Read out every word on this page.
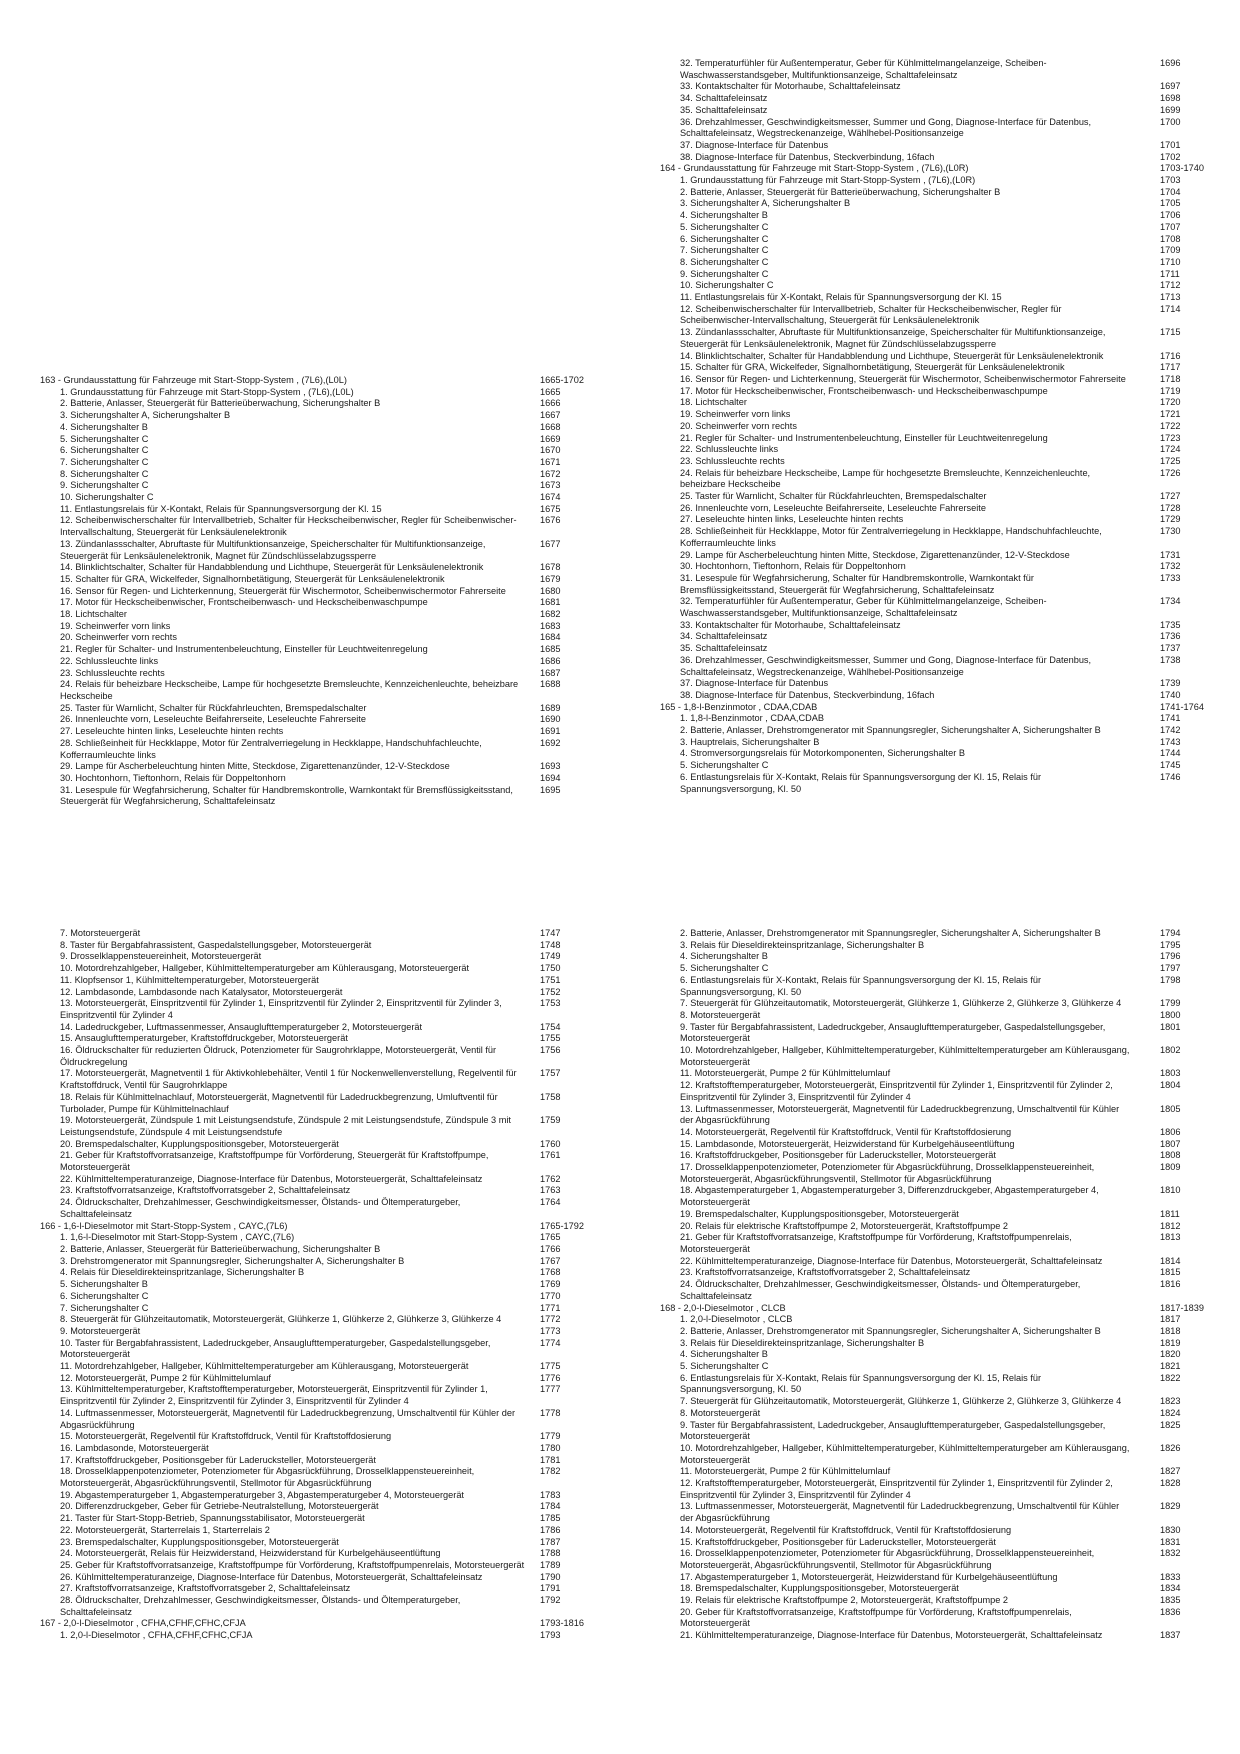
163 - Grundausstattung für Fahrzeuge mit Start-Stopp-System , (7L6),(L0L)	1665-1702
1. Grundausstattung für Fahrzeuge mit Start-Stopp-System , (7L6),(L0L)	1665
2. Batterie, Anlasser, Steuergerät für Batterieüberwachung, Sicherungshalter B	1666
3. Sicherungshalter A, Sicherungshalter B	1667
4. Sicherungshalter B	1668
5. Sicherungshalter C	1669
6. Sicherungshalter C	1670
7. Sicherungshalter C	1671
8. Sicherungshalter C	1672
9. Sicherungshalter C	1673
10. Sicherungshalter C	1674
11. Entlastungsrelais für X-Kontakt, Relais für Spannungsversorgung der Kl. 15	1675
12. Scheibenwischerschalter für Intervallbetrieb, Schalter für Heckscheibenwischer, Regler für Scheibenwischer-Intervallschaltung, Steuergerät für Lenksäulenelektronik
1676
13. Zündanlassschalter, Abruftaste für Multifunktionsanzeige, Speicherschalter für Multifunktionsanzeige, Steuergerät für Lenksäulenelektronik, Magnet für Zündschlüsselabzugssperre
1677
14. Blinklichtschalter, Schalter für Handabblendung und Lichthupe, Steuergerät für Lenksäulenelektronik	1678
15. Schalter für GRA, Wickelfeder, Signalhornbetätigung, Steuergerät für Lenksäulenelektronik	1679
16. Sensor für Regen- und Lichterkennung, Steuergerät für Wischermotor, Scheibenwischermotor Fahrerseite	1680
17. Motor für Heckscheibenwischer, Frontscheibenwasch- und Heckscheibenwaschpumpe	1681
18. Lichtschalter	1682
19. Scheinwerfer vorn links	1683
20. Scheinwerfer vorn rechts	1684
21. Regler für Schalter- und Instrumentenbeleuchtung, Einsteller für Leuchtweitenregelung	1685
22. Schlussleuchte links	1686
23. Schlussleuchte rechts	1687
24. Relais für beheizbare Heckscheibe, Lampe für hochgesetzte Bremsleuchte, Kennzeichenleuchte, beheizbare Heckscheibe
1688
25. Taster für Warnlicht, Schalter für Rückfahrleuchten, Bremspedalschalter	1689
26. Innenleuchte vorn, Leseleuchte Beifahrerseite, Leseleuchte Fahrerseite	1690
27. Leseleuchte hinten links, Leseleuchte hinten rechts	1691
28. Schließeinheit für Heckklappe, Motor für Zentralverriegelung in Heckklappe, Handschuhfachleuchte, Kofferraumleuchte links
1692
29. Lampe für Ascherbeleuchtung hinten Mitte, Steckdose, Zigarettenanzünder, 12-V-Steckdose	1693
30. Hochtonhorn, Tieftonhorn, Relais für Doppeltonhorn	1694
31. Lesespule für Wegfahrsicherung, Schalter für Handbremskontrolle, Warnkontakt für Bremsflüssigkeitsstand, Steuergerät für Wegfahrsicherung, Schalttafeleinsatz
1695
32. Temperaturfühler für Außentemperatur, Geber für Kühlmittelmangelanzeige, Scheiben-Waschwasserstandsgeber, Multifunktionsanzeige, Schalttafeleinsatz
1696
33. Kontaktschalter für Motorhaube, Schalttafeleinsatz	1697
34. Schalttafeleinsatz	1698
35. Schalttafeleinsatz	1699
36. Drehzahlmesser, Geschwindigkeitsmesser, Summer und Gong, Diagnose-Interface für Datenbus, Schalttafeleinsatz, Wegstreckenanzeige, Wählhebel-Positionsanzeige
1700
37. Diagnose-Interface für Datenbus	1701
38. Diagnose-Interface für Datenbus, Steckverbindung, 16fach	1702
164 - Grundausstattung für Fahrzeuge mit Start-Stopp-System , (7L6),(L0R)	1703-1740
1. Grundausstattung für Fahrzeuge mit Start-Stopp-System , (7L6),(L0R)	1703
2. Batterie, Anlasser, Steuergerät für Batterieüberwachung, Sicherungshalter B	1704
3. Sicherungshalter A, Sicherungshalter B	1705
4. Sicherungshalter B	1706
5. Sicherungshalter C	1707
6. Sicherungshalter C	1708
7. Sicherungshalter C	1709
8. Sicherungshalter C	1710
9. Sicherungshalter C	1711
10. Sicherungshalter C	1712
11. Entlastungsrelais für X-Kontakt, Relais für Spannungsversorgung der Kl. 15	1713
12. Scheibenwischerschalter für Intervallbetrieb, Schalter für Heckscheibenwischer, Regler für Scheibenwischer-Intervallschaltung, Steuergerät für Lenksäulenelektronik
1714
13. Zündanlassschalter, Abruftaste für Multifunktionsanzeige, Speicherschalter für Multifunktionsanzeige, Steuergerät für Lenksäulenelektronik, Magnet für Zündschlüsselabzugssperre
1715
14. Blinklichtschalter, Schalter für Handabblendung und Lichthupe, Steuergerät für Lenksäulenelektronik	1716
15. Schalter für GRA, Wickelfeder, Signalhornbetätigung, Steuergerät für Lenksäulenelektronik	1717
16. Sensor für Regen- und Lichterkennung, Steuergerät für Wischermotor, Scheibenwischermotor Fahrerseite	1718
17. Motor für Heckscheibenwischer, Frontscheibenwasch- und Heckscheibenwaschpumpe	1719
18. Lichtschalter	1720
19. Scheinwerfer vorn links	1721
20. Scheinwerfer vorn rechts	1722
21. Regler für Schalter- und Instrumentenbeleuchtung, Einsteller für Leuchtweitenregelung	1723
22. Schlussleuchte links	1724
23. Schlussleuchte rechts	1725
24. Relais für beheizbare Heckscheibe, Lampe für hochgesetzte Bremsleuchte, Kennzeichenleuchte, beheizbare Heckscheibe
1726
25. Taster für Warnlicht, Schalter für Rückfahrleuchten, Bremspedalschalter	1727
26. Innenleuchte vorn, Leseleuchte Beifahrerseite, Leseleuchte Fahrerseite	1728
27. Leseleuchte hinten links, Leseleuchte hinten rechts	1729
28. Schließeinheit für Heckklappe, Motor für Zentralverriegelung in Heckklappe, Handschuhfachleuchte, Kofferraumleuchte links
1730
29. Lampe für Ascherbeleuchtung hinten Mitte, Steckdose, Zigarettenanzünder, 12-V-Steckdose	1731
30. Hochtonhorn, Tieftonhorn, Relais für Doppeltonhorn	1732
31. Lesespule für Wegfahrsicherung, Schalter für Handbremskontrolle, Warnkontakt für Bremsflüssigkeitsstand, Steuergerät für Wegfahrsicherung, Schalttafeleinsatz
1733
32. Temperaturfühler für Außentemperatur, Geber für Kühlmittelmangelanzeige, Scheiben-Waschwasserstandsgeber, Multifunktionsanzeige, Schalttafeleinsatz
1734
33. Kontaktschalter für Motorhaube, Schalttafeleinsatz	1735
34. Schalttafeleinsatz	1736
35. Schalttafeleinsatz	1737
36. Drehzahlmesser, Geschwindigkeitsmesser, Summer und Gong, Diagnose-Interface für Datenbus, Schalttafeleinsatz, Wegstreckenanzeige, Wählhebel-Positionsanzeige
1738
37. Diagnose-Interface für Datenbus	1739
38. Diagnose-Interface für Datenbus, Steckverbindung, 16fach	1740
165 - 1,8-l-Benzinmotor , CDAA,CDAB	1741-1764
1. 1,8-l-Benzinmotor , CDAA,CDAB	1741
2. Batterie, Anlasser, Drehstromgenerator mit Spannungsregler, Sicherungshalter A, Sicherungshalter B	1742
3. Hauptrelais, Sicherungshalter B	1743
4. Stromversorgungsrelais für Motorkomponenten, Sicherungshalter B	1744
5. Sicherungshalter C	1745
6. Entlastungsrelais für X-Kontakt, Relais für Spannungsversorgung der Kl. 15, Relais für Spannungsversorgung, Kl. 50
1746
7. Motorsteuergerät	1747
8. Taster für Bergabfahrassistent, Gaspedalstellungsgeber, Motorsteuergerät	1748
9. Drosselklappensteuereinheit, Motorsteuergerät	1749
10. Motordrehzahlgeber, Hallgeber, Kühlmitteltemperaturgeber am Kühlerausgang, Motorsteuergerät	1750
11. Klopfsensor 1, Kühlmitteltemperaturgeber, Motorsteuergerät	1751
12. Lambdasonde, Lambdasonde nach Katalysator, Motorsteuergerät	1752
13. Motorsteuergerät, Einspritzventil für Zylinder 1, Einspritzventil für Zylinder 2, Einspritzventil für Zylinder 3, Einspritzventil für Zylinder 4
1753
14. Ladedruckgeber, Luftmassenmesser, Ansauglufttemperaturgeber 2, Motorsteuergerät	1754
15. Ansauglufttemperaturgeber, Kraftstoffdruckgeber, Motorsteuergerät	1755
16. Öldruckschalter für reduzierten Öldruck, Potenziometer für Saugrohrklappe, Motorsteuergerät, Ventil für Öldruckregelung
1756
17. Motorsteuergerät, Magnetventil 1 für Aktivkohlebehälter, Ventil 1 für Nockenwellenverstellung, Regelventil für Kraftstoffdruck, Ventil für Saugrohrklappe
1757
18. Relais für Kühlmittelnachlauf, Motorsteuergerät, Magnetventil für Ladedruckbegrenzung, Umluftventil für Turbolader, Pumpe für Kühlmittelnachlauf
1758
19. Motorsteuergerät, Zündspule 1 mit Leistungsendstufe, Zündspule 2 mit Leistungsendstufe, Zündspule 3 mit Leistungsendstufe, Zündspule 4 mit Leistungsendstufe
1759
20. Bremspedalschalter, Kupplungspositionsgeber, Motorsteuergerät	1760
21. Geber für Kraftstoffvorratsanzeige, Kraftstoffpumpe für Vorförderung, Steuergerät für Kraftstoffpumpe, Motorsteuergerät
1761
22. Kühlmitteltemperaturanzeige, Diagnose-Interface für Datenbus, Motorsteuergerät, Schalttafeleinsatz	1762
23. Kraftstoffvorratsanzeige, Kraftstoffvorratsgeber 2, Schalttafeleinsatz	1763
24. Öldruckschalter, Drehzahlmesser, Geschwindigkeitsmesser, Ölstands- und Öltemperaturgeber, Schalttafeleinsatz
1764
166 - 1,6-l-Dieselmotor mit Start-Stopp-System , CAYC,(7L6)	1765-1792
1. 1,6-l-Dieselmotor mit Start-Stopp-System , CAYC,(7L6)	1765
2. Batterie, Anlasser, Steuergerät für Batterieüberwachung, Sicherungshalter B	1766
3. Drehstromgenerator mit Spannungsregler, Sicherungshalter A, Sicherungshalter B	1767
4. Relais für Dieseldirekteinspritzanlage, Sicherungshalter B	1768
5. Sicherungshalter B	1769
6. Sicherungshalter C	1770
7. Sicherungshalter C	1771
8. Steuergerät für Glühzeitautomatik, Motorsteuergerät, Glühkerze 1, Glühkerze 2, Glühkerze 3, Glühkerze 4	1772
9. Motorsteuergerät	1773
10. Taster für Bergabfahrassistent, Ladedruckgeber, Ansauglufttemperaturgeber, Gaspedalstellungsgeber, Motorsteuergerät
1774
11. Motordrehzahlgeber, Hallgeber, Kühlmitteltemperaturgeber am Kühlerausgang, Motorsteuergerät	1775
12. Motorsteuergerät, Pumpe 2 für Kühlmittelumlauf	1776
13. Kühlmitteltemperaturgeber, Kraftstofftemperaturgeber, Motorsteuergerät, Einspritzventil für Zylinder 1, Einspritzventil für Zylinder 2, Einspritzventil für Zylinder 3, Einspritzventil für Zylinder 4
1777
14. Luftmassenmesser, Motorsteuergerät, Magnetventil für Ladedruckbegrenzung, Umschaltventil für Kühler der Abgasrückführung
1778
15. Motorsteuergerät, Regelventil für Kraftstoffdruck, Ventil für Kraftstoffdosierung	1779
16. Lambdasonde, Motorsteuergerät	1780
17. Kraftstoffdruckgeber, Positionsgeber für Laderucksteller, Motorsteuergerät	1781
18. Drosselklappenpotenziometer, Potenziometer für Abgasrückführung, Drosselklappensteuereinheit, Motorsteuergerät, Abgasrückführungsventil, Stellmotor für Abgasrückführung
1782
19. Abgastemperaturgeber 1, Abgastemperaturgeber 3, Abgastemperaturgeber 4, Motorsteuergerät	1783
20. Differenzdruckgeber, Geber für Getriebe-Neutralstellung, Motorsteuergerät	1784
21. Taster für Start-Stopp-Betrieb, Spannungsstabilisator, Motorsteuergerät	1785
22. Motorsteuergerät, Starterrelais 1, Starterrelais 2	1786
23. Bremspedalschalter, Kupplungspositionsgeber, Motorsteuergerät	1787
24. Motorsteuergerät, Relais für Heizwiderstand, Heizwiderstand für Kurbelgehäuseentlüftung	1788
25. Geber für Kraftstoffvorratsanzeige, Kraftstoffpumpe für Vorförderung, Kraftstoffpumpenrelais, Motorsteuergerät	1789
26. Kühlmitteltemperaturanzeige, Diagnose-Interface für Datenbus, Motorsteuergerät, Schalttafeleinsatz	1790
27. Kraftstoffvorratsanzeige, Kraftstoffvorratsgeber 2, Schalttafeleinsatz	1791
28. Öldruckschalter, Drehzahlmesser, Geschwindigkeitsmesser, Ölstands- und Öltemperaturgeber, Schalttafeleinsatz
1792
167 - 2,0-l-Dieselmotor , CFHA,CFHF,CFHC,CFJA	1793-1816
1. 2,0-l-Dieselmotor , CFHA,CFHF,CFHC,CFJA	1793
2. Batterie, Anlasser, Drehstromgenerator mit Spannungsregler, Sicherungshalter A, Sicherungshalter B	1794
3. Relais für Dieseldirekteinspritzanlage, Sicherungshalter B	1795
4. Sicherungshalter B	1796
5. Sicherungshalter C	1797
6. Entlastungsrelais für X-Kontakt, Relais für Spannungsversorgung der Kl. 15, Relais für Spannungsversorgung, Kl. 50
1798
7. Steuergerät für Glühzeitautomatik, Motorsteuergerät, Glühkerze 1, Glühkerze 2, Glühkerze 3, Glühkerze 4	1799
8. Motorsteuergerät	1800
9. Taster für Bergabfahrassistent, Ladedruckgeber, Ansauglufttemperaturgeber, Gaspedalstellungsgeber, Motorsteuergerät
1801
10. Motordrehzahlgeber, Hallgeber, Kühlmitteltemperaturgeber, Kühlmitteltemperaturgeber am Kühlerausgang, Motorsteuergerät
1802
11. Motorsteuergerät, Pumpe 2 für Kühlmittelumlauf	1803
12. Kraftstofftemperaturgeber, Motorsteuergerät, Einspritzventil für Zylinder 1, Einspritzventil für Zylinder 2, Einspritzventil für Zylinder 3, Einspritzventil für Zylinder 4
1804
13. Luftmassenmesser, Motorsteuergerät, Magnetventil für Ladedruckbegrenzung, Umschaltventil für Kühler der Abgasrückführung
1805
14. Motorsteuergerät, Regelventil für Kraftstoffdruck, Ventil für Kraftstoffdosierung	1806
15. Lambdasonde, Motorsteuergerät, Heizwiderstand für Kurbelgehäuseentlüftung	1807
16. Kraftstoffdruckgeber, Positionsgeber für Laderucksteller, Motorsteuergerät	1808
17. Drosselklappenpotenziometer, Potenziometer für Abgasrückführung, Drosselklappensteuereinheit, Motorsteuergerät, Abgasrückführungsventil, Stellmotor für Abgasrückführung
1809
18. Abgastemperaturgeber 1, Abgastemperaturgeber 3, Differenzdruckgeber, Abgastemperaturgeber 4, Motorsteuergerät
1810
19. Bremspedalschalter, Kupplungspositionsgeber, Motorsteuergerät	1811
20. Relais für elektrische Kraftstoffpumpe 2, Motorsteuergerät, Kraftstoffpumpe 2	1812
21. Geber für Kraftstoffvorratsanzeige, Kraftstoffpumpe für Vorförderung, Kraftstoffpumpenrelais, Motorsteuergerät
1813
22. Kühlmitteltemperaturanzeige, Diagnose-Interface für Datenbus, Motorsteuergerät, Schalttafeleinsatz	1814
23. Kraftstoffvorratsanzeige, Kraftstoffvorratsgeber 2, Schalttafeleinsatz	1815
24. Öldruckschalter, Drehzahlmesser, Geschwindigkeitsmesser, Ölstands- und Öltemperaturgeber, Schalttafeleinsatz
1816
168 - 2,0-l-Dieselmotor , CLCB	1817-1839
1. 2,0-l-Dieselmotor , CLCB	1817
2. Batterie, Anlasser, Drehstromgenerator mit Spannungsregler, Sicherungshalter A, Sicherungshalter B	1818
3. Relais für Dieseldirekteinspritzanlage, Sicherungshalter B	1819
4. Sicherungshalter B	1820
5. Sicherungshalter C	1821
6. Entlastungsrelais für X-Kontakt, Relais für Spannungsversorgung der Kl. 15, Relais für Spannungsversorgung, Kl. 50
1822
7. Steuergerät für Glühzeitautomatik, Motorsteuergerät, Glühkerze 1, Glühkerze 2, Glühkerze 3, Glühkerze 4	1823
8. Motorsteuergerät	1824
9. Taster für Bergabfahrassistent, Ladedruckgeber, Ansauglufttemperaturgeber, Gaspedalstellungsgeber, Motorsteuergerät
1825
10. Motordrehzahlgeber, Hallgeber, Kühlmitteltemperaturgeber, Kühlmitteltemperaturgeber am Kühlerausgang, Motorsteuergerät
1826
11. Motorsteuergerät, Pumpe 2 für Kühlmittelumlauf	1827
12. Kraftstofftemperaturgeber, Motorsteuergerät, Einspritzventil für Zylinder 1, Einspritzventil für Zylinder 2, Einspritzventil für Zylinder 3, Einspritzventil für Zylinder 4
1828
13. Luftmassenmesser, Motorsteuergerät, Magnetventil für Ladedruckbegrenzung, Umschaltventil für Kühler der Abgasrückführung
1829
14. Motorsteuergerät, Regelventil für Kraftstoffdruck, Ventil für Kraftstoffdosierung	1830
15. Kraftstoffdruckgeber, Positionsgeber für Laderucksteller, Motorsteuergerät	1831
16. Drosselklappenpotenziometer, Potenziometer für Abgasrückführung, Drosselklappensteuereinheit, Motorsteuergerät, Abgasrückführungsventil, Stellmotor für Abgasrückführung
1832
17. Abgastemperaturgeber 1, Motorsteuergerät, Heizwiderstand für Kurbelgehäuseentlüftung	1833
18. Bremspedalschalter, Kupplungspositionsgeber, Motorsteuergerät	1834
19. Relais für elektrische Kraftstoffpumpe 2, Motorsteuergerät, Kraftstoffpumpe 2	1835
20. Geber für Kraftstoffvorratsanzeige, Kraftstoffpumpe für Vorförderung, Kraftstoffpumpenrelais, Motorsteuergerät
1836
21. Kühlmitteltemperaturanzeige, Diagnose-Interface für Datenbus, Motorsteuergerät, Schalttafeleinsatz	1837
